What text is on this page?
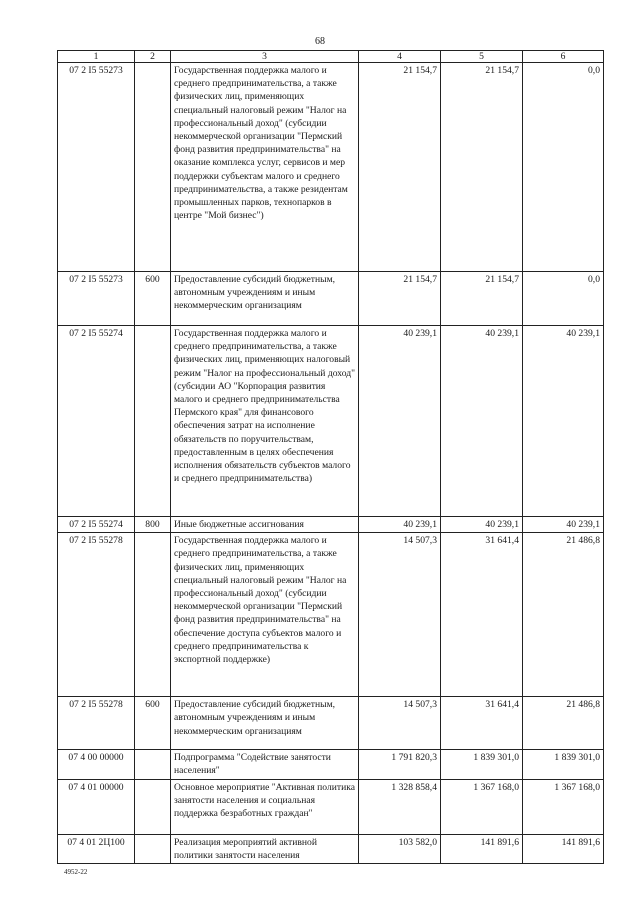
68
1	2	3	4	5	6
07 2 I5 55273		Государственная поддержка малого и среднего предпринимательства, а также физических лиц, применяющих специальный налоговый режим "Налог на профессиональный доход" (субсидии некоммерческой организации "Пермский фонд развития предпринимательства" на оказание комплекса услуг, сервисов и мер поддержки субъектам малого и среднего предпринимательства, а также резидентам промышленных парков, технопарков в центре "Мой бизнес")	21 154,7	21 154,7	0,0
07 2 I5 55273	600	Предоставление субсидий бюджетным, автономным учреждениям и иным некоммерческим организациям	21 154,7	21 154,7	0,0
07 2 I5 55274		Государственная поддержка малого и среднего предпринимательства, а также физических лиц, применяющих налоговый режим "Налог на профессиональный доход" (субсидии АО "Корпорация развития малого и среднего предпринимательства Пермского края" для финансового обеспечения затрат на исполнение обязательств по поручительствам, предоставленным в целях обеспечения исполнения обязательств субъектов малого и среднего предпринимательства)	40 239,1	40 239,1	40 239,1
07 2 I5 55274	800	Иные бюджетные ассигнования	40 239,1	40 239,1	40 239,1
07 2 I5 55278		Государственная поддержка малого и среднего предпринимательства, а также физических лиц, применяющих специальный налоговый режим "Налог на профессиональный доход" (субсидии некоммерческой организации "Пермский фонд развития предпринимательства" на обеспечение доступа субъектов малого и среднего предпринимательства к экспортной поддержке)	14 507,3	31 641,4	21 486,8
07 2 I5 55278	600	Предоставление субсидий бюджетным, автономным учреждениям и иным некоммерческим организациям	14 507,3	31 641,4	21 486,8
07 4 00 00000		Подпрограмма "Содействие занятости населения"	1 791 820,3	1 839 301,0	1 839 301,0
07 4 01 00000		Основное мероприятие "Активная политика занятости населения и социальная поддержка безработных граждан"	1 328 858,4	1 367 168,0	1 367 168,0
07 4 01 2Ц100		Реализация мероприятий активной политики занятости населения	103 582,0	141 891,6	141 891,6
4952-22
